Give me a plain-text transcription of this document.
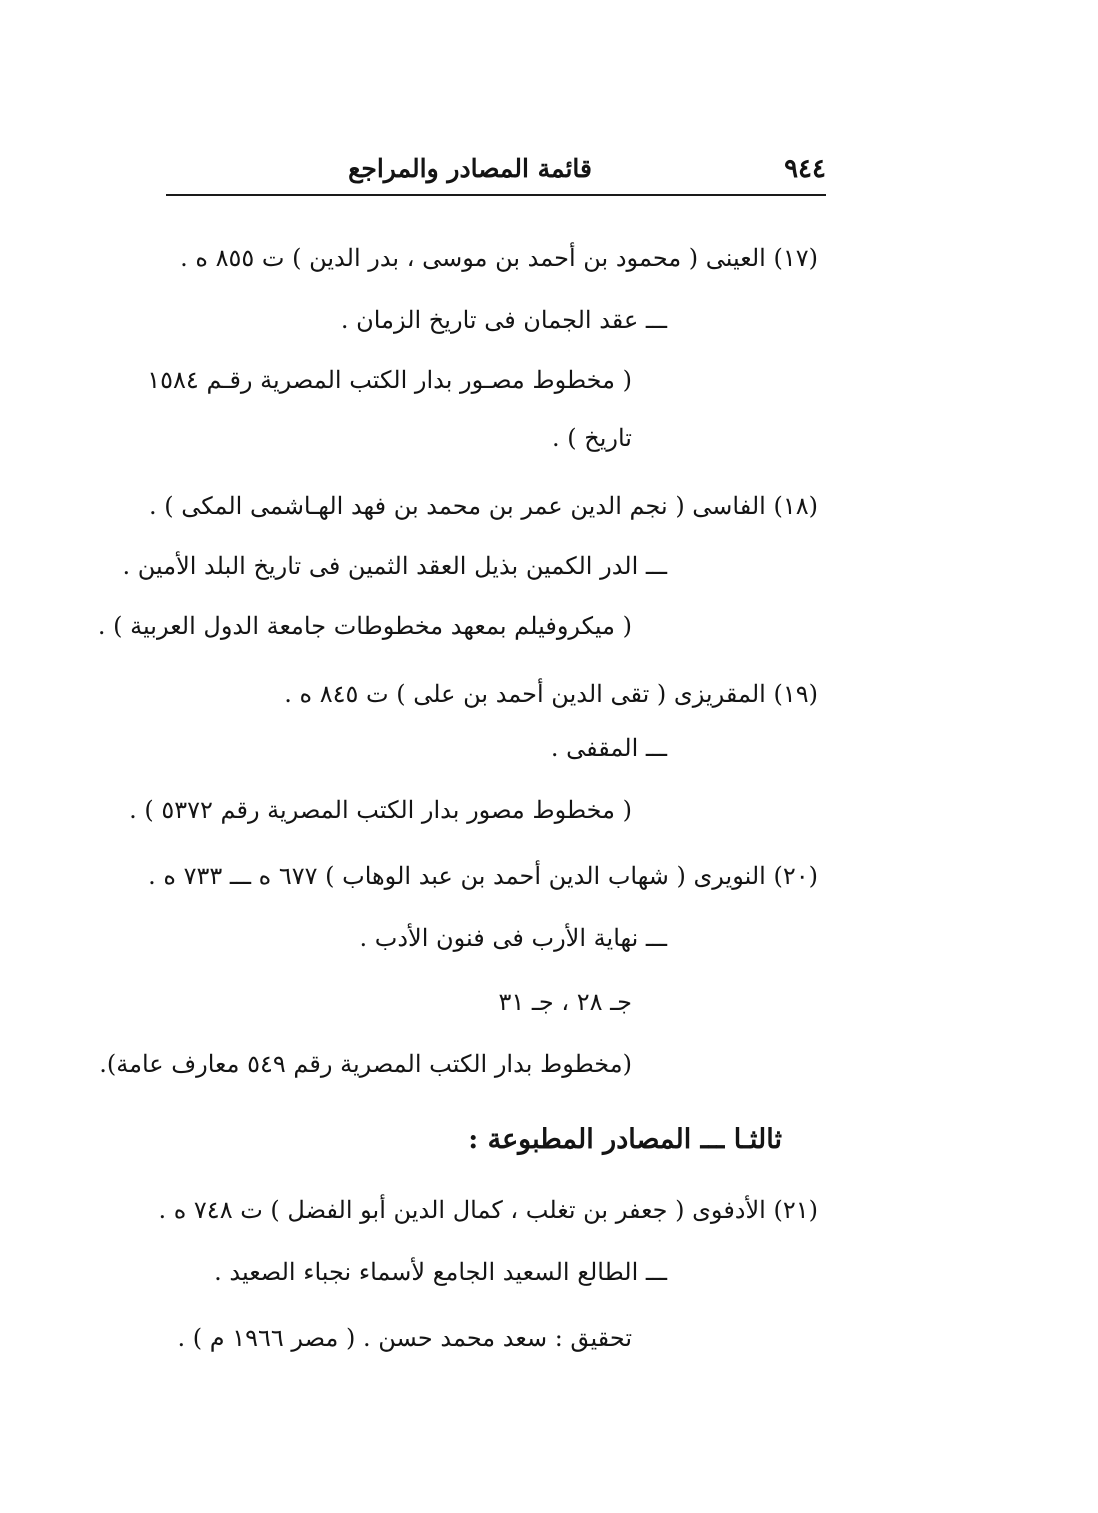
٩٤٤
قائمة المصادر والمراجع
(١٧) العينى ( محمود بن أحمد بن موسى ، بدر الدين ) ت ٨٥٥ ه .
ـــ عقد الجمان فى تاريخ الزمان .
( مخطوط مصـور بدار الكتب المصرية رقـم ١٥٨٤
تاريخ ) .
(١٨) الفاسى ( نجم الدين عمر بن محمد بن فهد الهـاشمى المكى ) .
ـــ الدر الكمين بذيل العقد الثمين فى تاريخ البلد الأمين .
( ميكروفيلم بمعهد مخطوطات جامعة الدول العربية ) .
(١٩) المقريزى ( تقى الدين أحمد بن على ) ت ٨٤٥ ه .
ـــ المقفى .
( مخطوط مصور بدار الكتب المصرية رقم ٥٣٧٢ ) .
(٢٠) النويرى ( شهاب الدين أحمد بن عبد الوهاب ) ٦٧٧ ه ـــ ٧٣٣ ه .
ـــ نهاية الأرب فى فنون الأدب .
جـ ٢٨ ، جـ ٣١
(مخطوط بدار الكتب المصرية رقم ٥٤٩ معارف عامة).
ثالثـا ـــ المصادر المطبوعة :
(٢١) الأدفوى ( جعفر بن تغلب ، كمال الدين أبو الفضل ) ت ٧٤٨ ه .
ـــ الطالع السعيد الجامع لأسماء نجباء الصعيد .
تحقيق : سعد محمد حسن . ( مصر ١٩٦٦ م ) .
